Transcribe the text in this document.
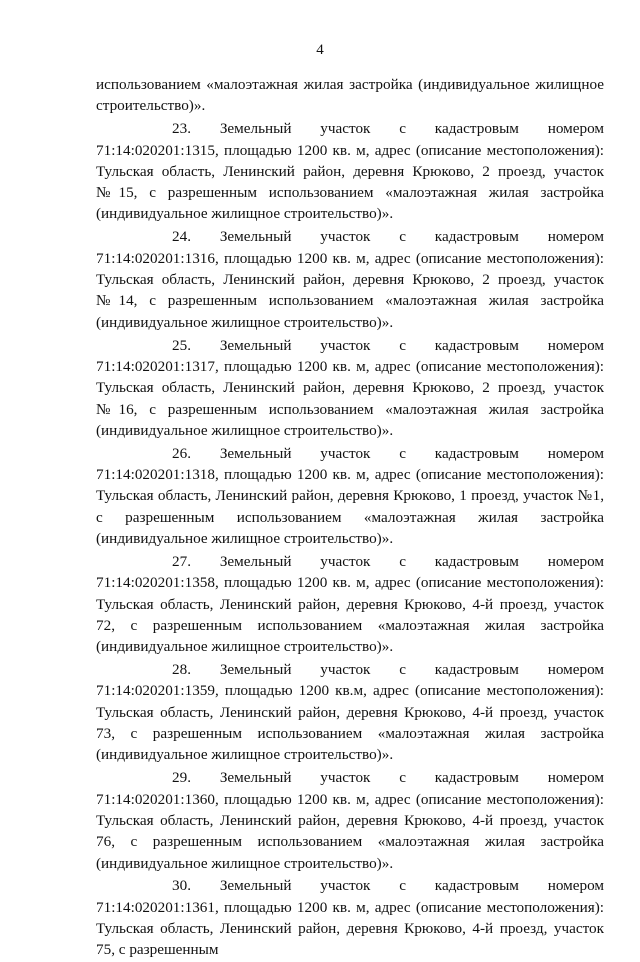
4

использованием «малоэтажная жилая застройка (индивидуальное жилищное строительство)».

23. Земельный участок с кадастровым номером 71:14:020201:1315, площадью 1200 кв. м, адрес (описание местоположения): Тульская область, Ленинский район, деревня Крюково, 2 проезд, участок №15, с разрешенным использованием «малоэтажная жилая застройка (индивидуальное жилищное строительство)».

24. Земельный участок с кадастровым номером 71:14:020201:1316, площадью 1200 кв. м, адрес (описание местоположения): Тульская область, Ленинский район, деревня Крюково, 2 проезд, участок №14, с разрешенным использованием «малоэтажная жилая застройка (индивидуальное жилищное строительство)».

25. Земельный участок с кадастровым номером 71:14:020201:1317, площадью 1200 кв. м, адрес (описание местоположения): Тульская область, Ленинский район, деревня Крюково, 2 проезд, участок №16, с разрешенным использованием «малоэтажная жилая застройка (индивидуальное жилищное строительство)».

26. Земельный участок с кадастровым номером 71:14:020201:1318, площадью 1200 кв. м, адрес (описание местоположения): Тульская область, Ленинский район, деревня Крюково, 1 проезд, участок №1, с разрешенным использованием «малоэтажная жилая застройка (индивидуальное жилищное строительство)».

27. Земельный участок с кадастровым номером 71:14:020201:1358, площадью 1200 кв. м, адрес (описание местоположения): Тульская область, Ленинский район, деревня Крюково, 4-й проезд, участок 72, с разрешенным использованием «малоэтажная жилая застройка (индивидуальное жилищное строительство)».

28. Земельный участок с кадастровым номером 71:14:020201:1359, площадью 1200 кв.м, адрес (описание местоположения): Тульская область, Ленинский район, деревня Крюково, 4-й проезд, участок 73, с разрешенным использованием «малоэтажная жилая застройка (индивидуальное жилищное строительство)».

29. Земельный участок с кадастровым номером 71:14:020201:1360, площадью 1200 кв. м, адрес (описание местоположения): Тульская область, Ленинский район, деревня Крюково, 4-й проезд, участок 76, с разрешенным использованием «малоэтажная жилая застройка (индивидуальное жилищное строительство)».

30. Земельный участок с кадастровым номером 71:14:020201:1361, площадью 1200 кв. м, адрес (описание местоположения): Тульская область, Ленинский район, деревня Крюково, 4-й проезд, участок 75, с разрешенным
